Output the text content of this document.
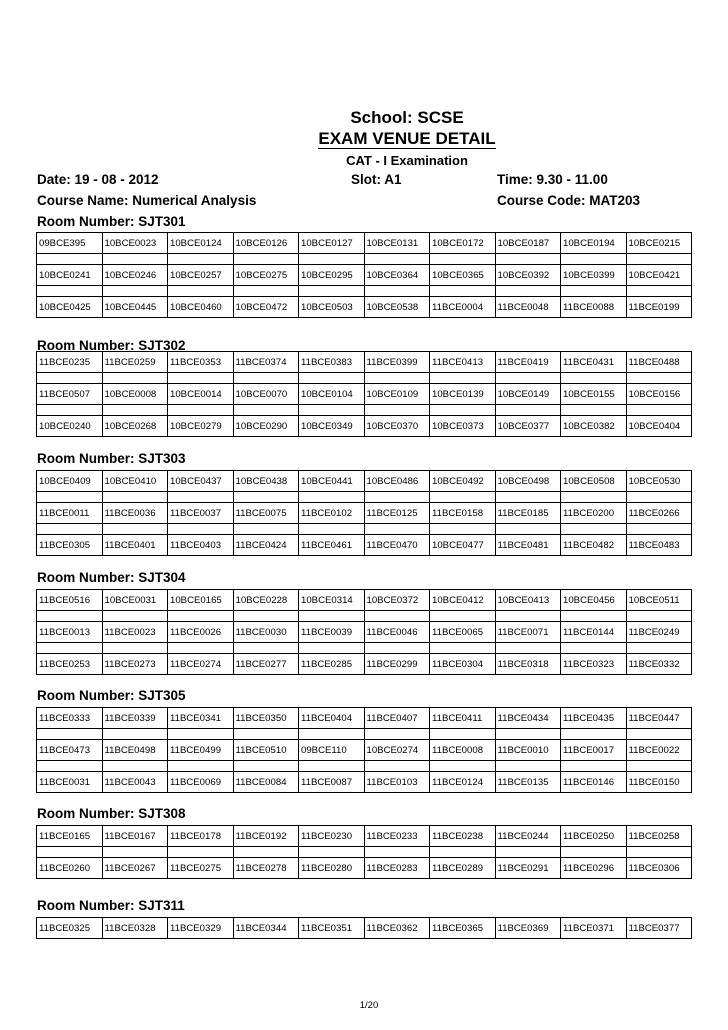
School: SCSE
EXAM VENUE DETAIL
CAT - I Examination
Date: 19 - 08 - 2012	Slot: A1	Time: 9.30 - 11.00
Course Name: Numerical Analysis	Course Code: MAT203
Room Number: SJT301
09BCE395	10BCE0023	10BCE0124	10BCE0126	10BCE0127	10BCE0131	10BCE0172	10BCE0187	10BCE0194	10BCE0215

10BCE0241	10BCE0246	10BCE0257	10BCE0275	10BCE0295	10BCE0364	10BCE0365	10BCE0392	10BCE0399	10BCE0421

10BCE0425	10BCE0445	10BCE0460	10BCE0472	10BCE0503	10BCE0538	11BCE0004	11BCE0048	11BCE0088	11BCE0199
Room Number: SJT302
11BCE0235	11BCE0259	11BCE0353	11BCE0374	11BCE0383	11BCE0399	11BCE0413	11BCE0419	11BCE0431	11BCE0488

11BCE0507	10BCE0008	10BCE0014	10BCE0070	10BCE0104	10BCE0109	10BCE0139	10BCE0149	10BCE0155	10BCE0156

10BCE0240	10BCE0268	10BCE0279	10BCE0290	10BCE0349	10BCE0370	10BCE0373	10BCE0377	10BCE0382	10BCE0404
Room Number: SJT303
10BCE0409	10BCE0410	10BCE0437	10BCE0438	10BCE0441	10BCE0486	10BCE0492	10BCE0498	10BCE0508	10BCE0530

11BCE0011	11BCE0036	11BCE0037	11BCE0075	11BCE0102	11BCE0125	11BCE0158	11BCE0185	11BCE0200	11BCE0266

11BCE0305	11BCE0401	11BCE0403	11BCE0424	11BCE0461	11BCE0470	10BCE0477	11BCE0481	11BCE0482	11BCE0483
Room Number: SJT304
11BCE0516	10BCE0031	10BCE0165	10BCE0228	10BCE0314	10BCE0372	10BCE0412	10BCE0413	10BCE0456	10BCE0511

11BCE0013	11BCE0023	11BCE0026	11BCE0030	11BCE0039	11BCE0046	11BCE0065	11BCE0071	11BCE0144	11BCE0249

11BCE0253	11BCE0273	11BCE0274	11BCE0277	11BCE0285	11BCE0299	11BCE0304	11BCE0318	11BCE0323	11BCE0332
Room Number: SJT305
11BCE0333	11BCE0339	11BCE0341	11BCE0350	11BCE0404	11BCE0407	11BCE0411	11BCE0434	11BCE0435	11BCE0447

11BCE0473	11BCE0498	11BCE0499	11BCE0510	09BCE110	10BCE0274	11BCE0008	11BCE0010	11BCE0017	11BCE0022

11BCE0031	11BCE0043	11BCE0069	11BCE0084	11BCE0087	11BCE0103	11BCE0124	11BCE0135	11BCE0146	11BCE0150
Room Number: SJT308
11BCE0165	11BCE0167	11BCE0178	11BCE0192	11BCE0230	11BCE0233	11BCE0238	11BCE0244	11BCE0250	11BCE0258

11BCE0260	11BCE0267	11BCE0275	11BCE0278	11BCE0280	11BCE0283	11BCE0289	11BCE0291	11BCE0296	11BCE0306
Room Number: SJT311
11BCE0325	11BCE0328	11BCE0329	11BCE0344	11BCE0351	11BCE0362	11BCE0365	11BCE0369	11BCE0371	11BCE0377
1/20
